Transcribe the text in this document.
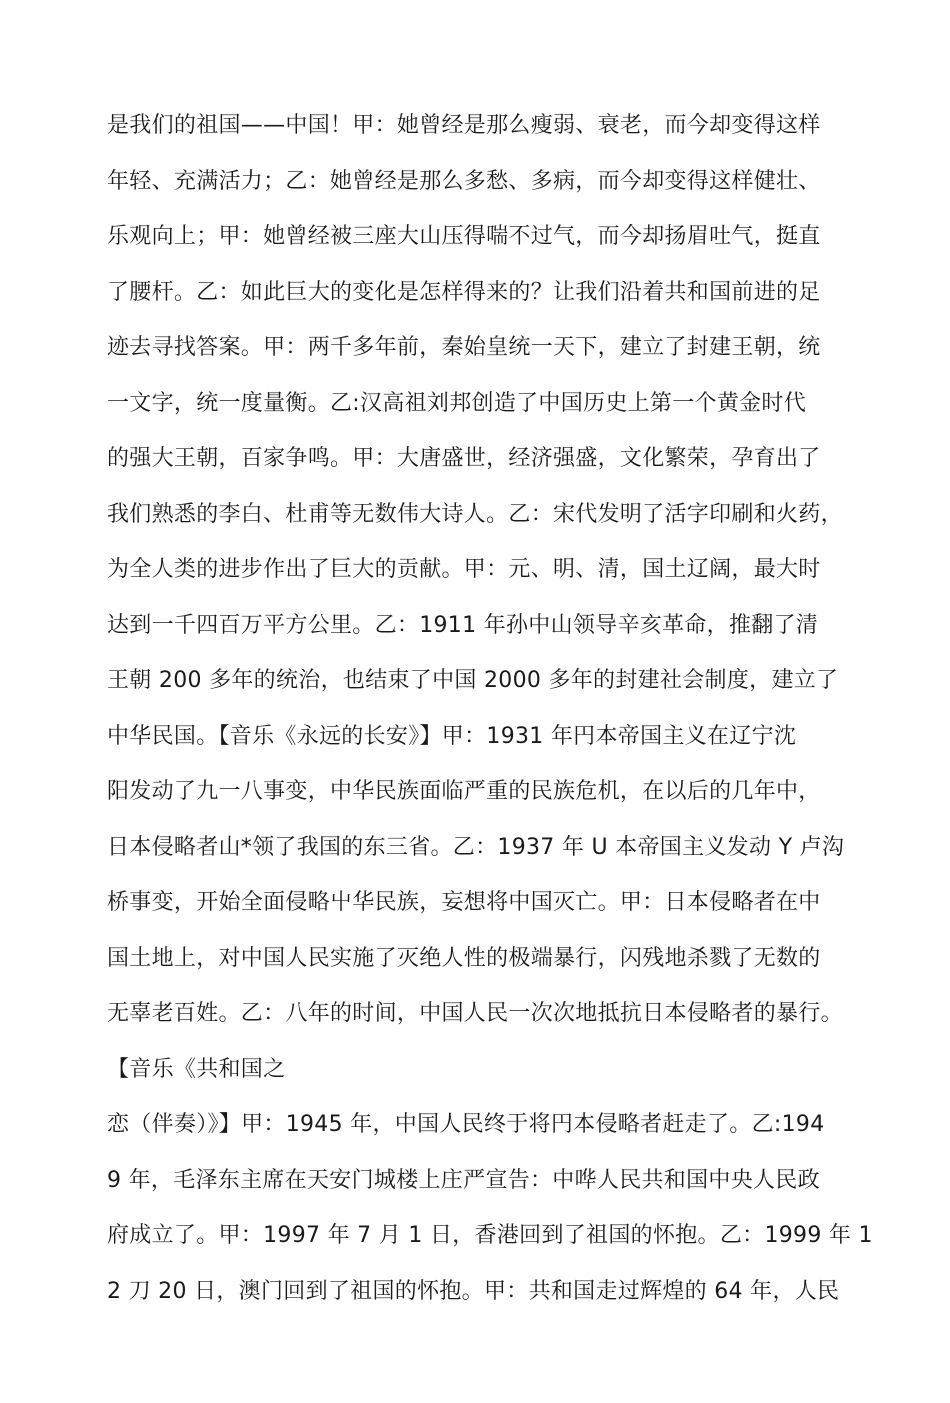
是我们的祖国——中国！甲：她曾经是那么瘦弱、衰老，而今却变得这样
年轻、充满活力；乙：她曾经是那么多愁、多病，而今却变得这样健壮、
乐观向上；甲：她曾经被三座大山压得喘不过气，而今却扬眉吐气，挺直
了腰杆。乙：如此巨大的变化是怎样得来的？让我们沿着共和国前进的足
迹去寻找答案。甲：两千多年前，秦始皇统一天下，建立了封建王朝，统
一文字，统一度量衡。乙:汉高祖刘邦创造了中国历史上第一个黄金时代
的强大王朝，百家争鸣。甲：大唐盛世，经济强盛，文化繁荣，孕育出了
我们熟悉的李白、杜甫等无数伟大诗人。乙：宋代发明了活字印刷和火药，
为全人类的进步作出了巨大的贡献。甲：元、明、清，国土辽阔，最大时
达到一千四百万平方公里。乙：1911 年孙中山领导辛亥革命，推翻了清
王朝 200 多年的统治，也结束了中国 2000 多年的封建社会制度，建立了
中华民国。【音乐《永远的长安》】甲：1931 年円本帝国主义在辽宁沈
阳发动了九一八事变，中华民族面临严重的民族危机，在以后的几年中，
日本侵略者山*领了我国的东三省。乙：1937 年 U 本帝国主义发动 Y 卢沟
桥事变，开始全面侵略屮华民族，妄想将中国灭亡。甲：日本侵略者在中
国土地上，对中国人民实施了灭绝人性的极端暴行，闪残地杀戮了无数的
无辜老百姓。乙：八年的时间，中国人民一次次地抵抗日本侵略者的暴行。
【音乐《共和国之
恋（伴奏）》】甲：1945 年，中国人民终于将円本侵略者赶走了。乙:194
9 年，毛泽东主席在天安门城楼上庄严宣告：中哗人民共和国中央人民政
府成立了。甲：1997 年 7 月 1 日，香港回到了祖国的怀抱。乙：1999 年 1
2 刀 20 日，澳门回到了祖国的怀抱。甲：共和国走过辉煌的 64 年，人民
